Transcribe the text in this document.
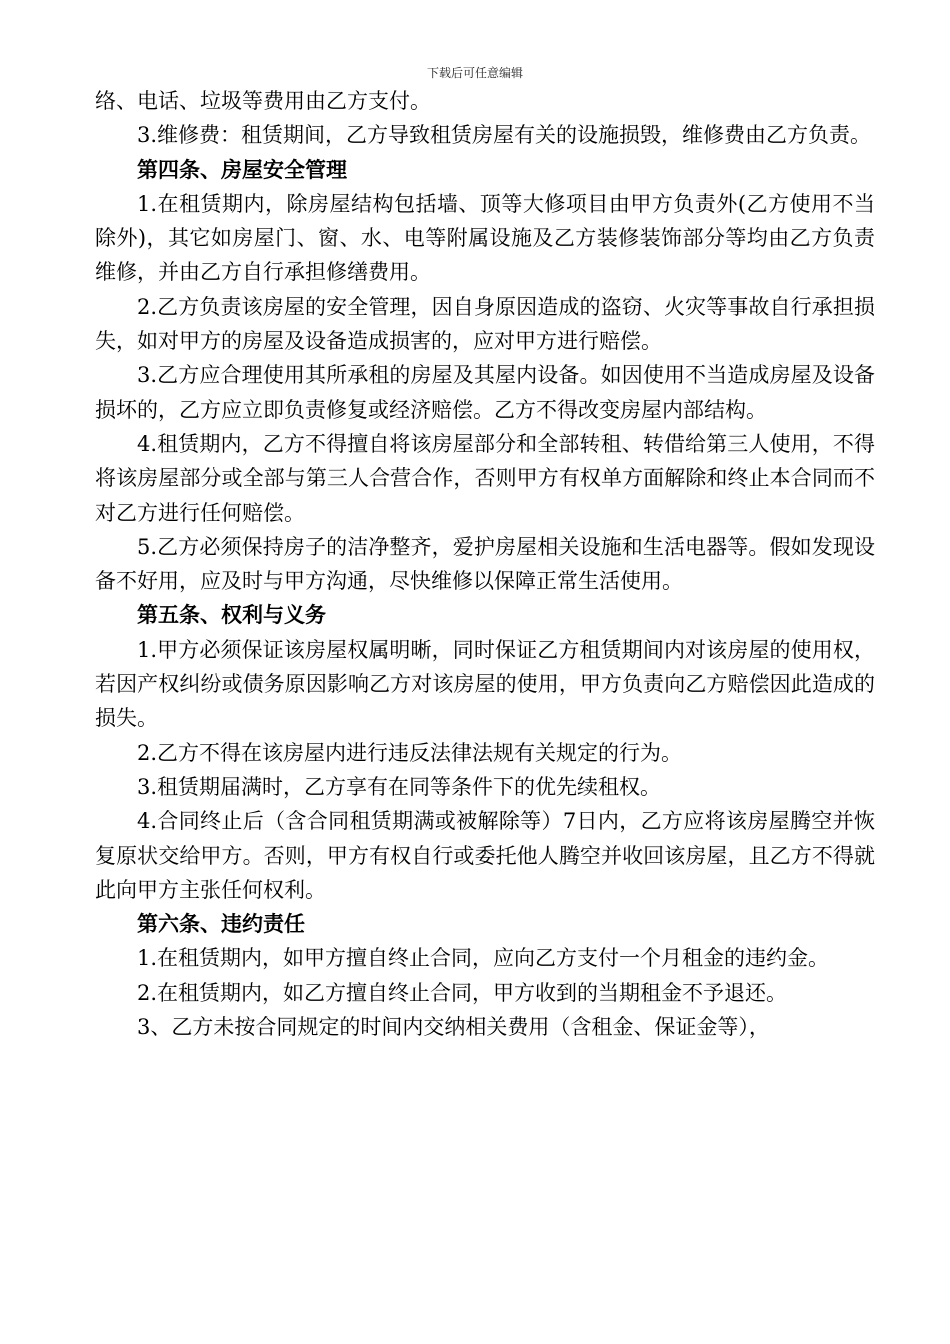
下载后可任意编辑

络、电话、垃圾等费用由乙方支付。

3.维修费：租赁期间，乙方导致租赁房屋有关的设施损毁，维修费由乙方负责。

第四条、房屋安全管理

1.在租赁期内，除房屋结构包括墙、顶等大修项目由甲方负责外(乙方使用不当除外)，其它如房屋门、窗、水、电等附属设施及乙方装修装饰部分等均由乙方负责维修，并由乙方自行承担修缮费用。

2.乙方负责该房屋的安全管理，因自身原因造成的盗窃、火灾等事故自行承担损失，如对甲方的房屋及设备造成损害的，应对甲方进行赔偿。

3.乙方应合理使用其所承租的房屋及其屋内设备。如因使用不当造成房屋及设备损坏的，乙方应立即负责修复或经济赔偿。乙方不得改变房屋内部结构。

4.租赁期内，乙方不得擅自将该房屋部分和全部转租、转借给第三人使用，不得将该房屋部分或全部与第三人合营合作，否则甲方有权单方面解除和终止本合同而不对乙方进行任何赔偿。

5.乙方必须保持房子的洁净整齐，爱护房屋相关设施和生活电器等。假如发现设备不好用，应及时与甲方沟通，尽快维修以保障正常生活使用。

第五条、权利与义务

1.甲方必须保证该房屋权属明晰，同时保证乙方租赁期间内对该房屋的使用权，若因产权纠纷或债务原因影响乙方对该房屋的使用，甲方负责向乙方赔偿因此造成的损失。

2.乙方不得在该房屋内进行违反法律法规有关规定的行为。

3.租赁期届满时，乙方享有在同等条件下的优先续租权。

4.合同终止后（含合同租赁期满或被解除等）7日内，乙方应将该房屋腾空并恢复原状交给甲方。否则，甲方有权自行或委托他人腾空并收回该房屋，且乙方不得就此向甲方主张任何权利。

第六条、违约责任

1.在租赁期内，如甲方擅自终止合同，应向乙方支付一个月租金的违约金。

2.在租赁期内，如乙方擅自终止合同，甲方收到的当期租金不予退还。

3、乙方未按合同规定的时间内交纳相关费用（含租金、保证金等），
